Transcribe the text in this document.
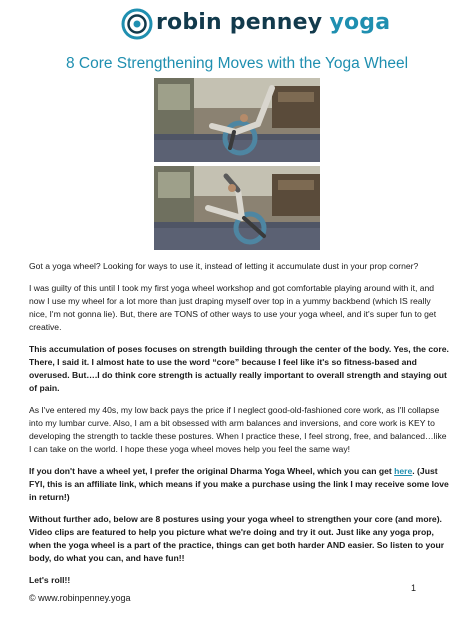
robin penney yoga
8 Core Strengthening Moves with the Yoga Wheel

Got a yoga wheel? Looking for ways to use it, instead of letting it accumulate dust in your prop corner?

I was guilty of this until I took my first yoga wheel workshop and got comfortable playing around with it, and now I use my wheel for a lot more than just draping myself over top in a yummy backbend (which IS really nice, I'm not gonna lie). But, there are TONS of other ways to use your yoga wheel, and it's super fun to get creative.

This accumulation of poses focuses on strength building through the center of the body. Yes, the core. There, I said it. I almost hate to use the word “core” because I feel like it's so fitness-based and overused. But….I do think core strength is actually really important to overall strength and staying out of pain.

As I've entered my 40s, my low back pays the price if I neglect good-old-fashioned core work, as I'll collapse into my lumbar curve. Also, I am a bit obsessed with arm balances and inversions, and core work is KEY to developing the strength to tackle these postures. When I practice these, I feel strong, free, and balanced…like I can take on the world. I hope these yoga wheel moves help you feel the same way!

If you don't have a wheel yet, I prefer the original Dharma Yoga Wheel, which you can get here. (Just FYI, this is an affiliate link, which means if you make a purchase using the link I may receive some love in return!)

Without further ado, below are 8 postures using your yoga wheel to strengthen your core (and more). Video clips are featured to help you picture what we're doing and try it out. Just like any yoga prop, when the yoga wheel is a part of the practice, things can get both harder AND easier. So listen to your body, do what you can, and have fun!!

Let's roll!!

1
© www.robinpenney.yoga
